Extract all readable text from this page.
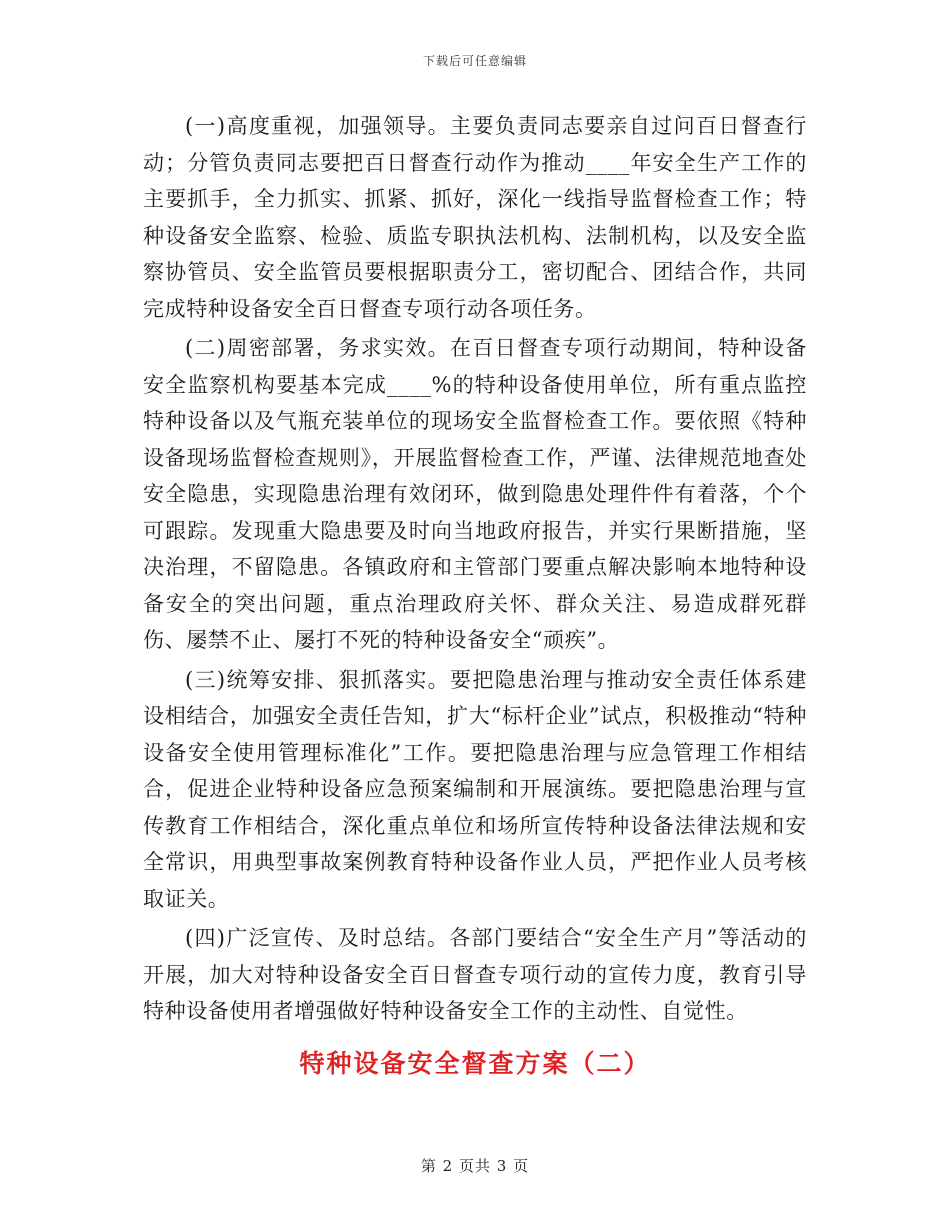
下载后可任意编辑

(一)高度重视，加强领导。主要负责同志要亲自过问百日督查行动；分管负责同志要把百日督查行动作为推动____年安全生产工作的主要抓手，全力抓实、抓紧、抓好，深化一线指导监督检查工作；特种设备安全监察、检验、质监专职执法机构、法制机构，以及安全监察协管员、安全监管员要根据职责分工，密切配合、团结合作，共同完成特种设备安全百日督查专项行动各项任务。

(二)周密部署，务求实效。在百日督查专项行动期间，特种设备安全监察机构要基本完成____%的特种设备使用单位，所有重点监控特种设备以及气瓶充装单位的现场安全监督检查工作。要依照《特种设备现场监督检查规则》，开展监督检查工作，严谨、法律规范地查处安全隐患，实现隐患治理有效闭环，做到隐患处理件件有着落，个个可跟踪。发现重大隐患要及时向当地政府报告，并实行果断措施，坚决治理，不留隐患。各镇政府和主管部门要重点解决影响本地特种设备安全的突出问题，重点治理政府关怀、群众关注、易造成群死群伤、屡禁不止、屡打不死的特种设备安全“顽疾”。

(三)统筹安排、狠抓落实。要把隐患治理与推动安全责任体系建设相结合，加强安全责任告知，扩大“标杆企业”试点，积极推动“特种设备安全使用管理标准化”工作。要把隐患治理与应急管理工作相结合，促进企业特种设备应急预案编制和开展演练。要把隐患治理与宣传教育工作相结合，深化重点单位和场所宣传特种设备法律法规和安全常识，用典型事故案例教育特种设备作业人员，严把作业人员考核取证关。

(四)广泛宣传、及时总结。各部门要结合“安全生产月”等活动的开展，加大对特种设备安全百日督查专项行动的宣传力度，教育引导特种设备使用者增强做好特种设备安全工作的主动性、自觉性。

特种设备安全督查方案（二）
第 2 页共 3 页
